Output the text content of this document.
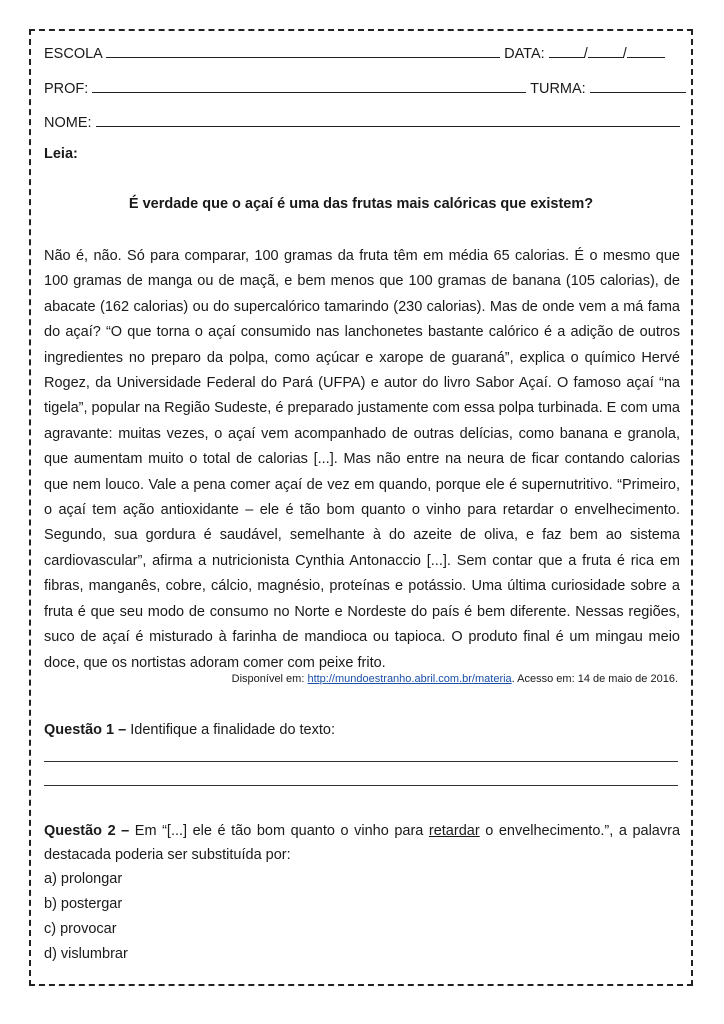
ESCOLA	DATA:	/ /
PROF:	TURMA:
NOME:
Leia:
É verdade que o açaí é uma das frutas mais calóricas que existem?
Não é, não. Só para comparar, 100 gramas da fruta têm em média 65 calorias. É o mesmo que 100 gramas de manga ou de maçã, e bem menos que 100 gramas de banana (105 calorias), de abacate (162 calorias) ou do supercalórico tamarindo (230 calorias). Mas de onde vem a má fama do açaí? “O que torna o açaí consumido nas lanchonetes bastante calórico é a adição de outros ingredientes no preparo da polpa, como açúcar e xarope de guaraná”, explica o químico Hervé Rogez, da Universidade Federal do Pará (UFPA) e autor do livro Sabor Açaí. O famoso açaí “na tigela”, popular na Região Sudeste, é preparado justamente com essa polpa turbinada. E com uma agravante: muitas vezes, o açaí vem acompanhado de outras delícias, como banana e granola, que aumentam muito o total de calorias [...]. Mas não entre na neura de ficar contando calorias que nem louco. Vale a pena comer açaí de vez em quando, porque ele é supernutritivo. “Primeiro, o açaí tem ação antioxidante – ele é tão bom quanto o vinho para retardar o envelhecimento. Segundo, sua gordura é saudável, semelhante à do azeite de oliva, e faz bem ao sistema cardiovascular”, afirma a nutricionista Cynthia Antonaccio [...]. Sem contar que a fruta é rica em fibras, manganês, cobre, cálcio, magnésio, proteínas e potássio. Uma última curiosidade sobre a fruta é que seu modo de consumo no Norte e Nordeste do país é bem diferente. Nessas regiões, suco de açaí é misturado à farinha de mandioca ou tapioca. O produto final é um mingau meio doce, que os nortistas adoram comer com peixe frito.
Disponível em: http://mundoestranho.abril.com.br/materia. Acesso em: 14 de maio de 2016.
Questão 1 – Identifique a finalidade do texto:
Questão 2 – Em “[...] ele é tão bom quanto o vinho para retardar o envelhecimento.”, a palavra destacada poderia ser substituída por:
a) prolongar
b) postergar
c) provocar
d) vislumbrar
